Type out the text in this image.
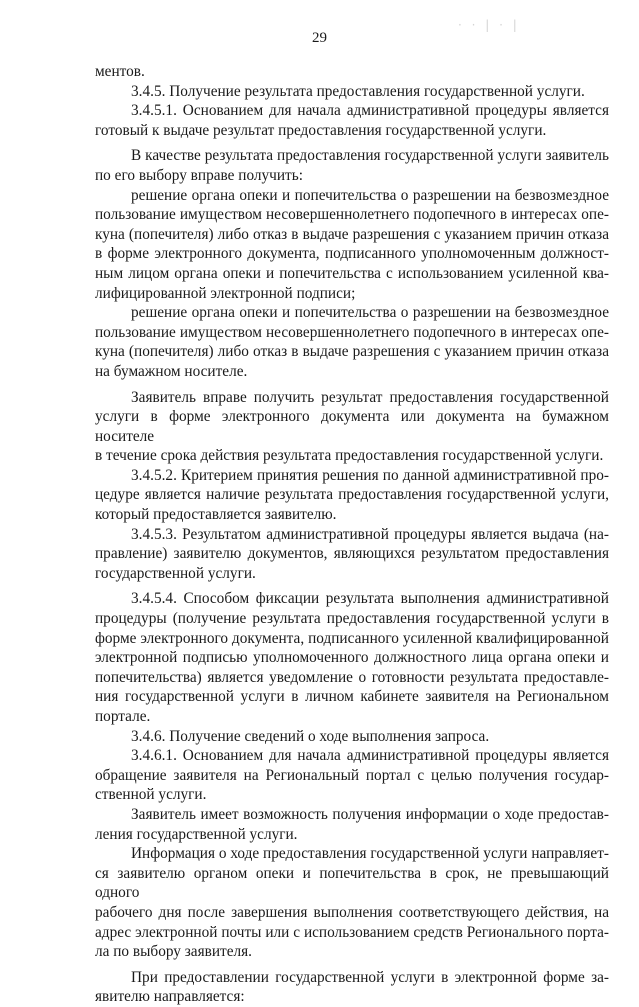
29
· · | · |

ментов.

3.4.5. Получение результата предоставления государственной услуги.

3.4.5.1. Основанием для начала административной процедуры является

готовый к выдаче результат предоставления государственной услуги.

В качестве результата предоставления государственной услуги заявитель

по его выбору вправе получить:

решение органа опеки и попечительства о разрешении на безвозмездное

пользование имуществом несовершеннолетнего подопечного в интересах опе-

куна (попечителя) либо отказ в выдаче разрешения с указанием причин отказа

в форме электронного документа, подписанного уполномоченным должност-

ным лицом органа опеки и попечительства с использованием усиленной ква-

лифицированной электронной подписи;

решение органа опеки и попечительства о разрешении на безвозмездное

пользование имуществом несовершеннолетнего подопечного в интересах опе-

куна (попечителя) либо отказ в выдаче разрешения с указанием причин отказа

на бумажном носителе.

Заявитель вправе получить результат предоставления государственной

услуги в форме электронного документа или документа на бумажном носителе

в течение срока действия результата предоставления государственной услуги.

3.4.5.2. Критерием принятия решения по данной административной про-

цедуре является наличие результата предоставления государственной услуги,

который предоставляется заявителю.

3.4.5.3. Результатом административной процедуры является выдача (на-

правление) заявителю документов, являющихся результатом предоставления

государственной услуги.

3.4.5.4. Способом фиксации результата выполнения административной

процедуры (получение результата предоставления государственной услуги в

форме электронного документа, подписанного усиленной квалифицированной

электронной подписью уполномоченного должностного лица органа опеки и

попечительства) является уведомление о готовности результата предоставле-

ния государственной услуги в личном кабинете заявителя на Региональном

портале.

3.4.6. Получение сведений о ходе выполнения запроса.

3.4.6.1. Основанием для начала административной процедуры является

обращение заявителя на Региональный портал с целью получения государ-

ственной услуги.

Заявитель имеет возможность получения информации о ходе предостав-

ления государственной услуги.

Информация о ходе предоставления государственной услуги направляет-

ся заявителю органом опеки и попечительства в срок, не превышающий одного

рабочего дня после завершения выполнения соответствующего действия, на

адрес электронной почты или с использованием средств Регионального порта-

ла по выбору заявителя.

При предоставлении государственной услуги в электронной форме за-

явителю направляется:
